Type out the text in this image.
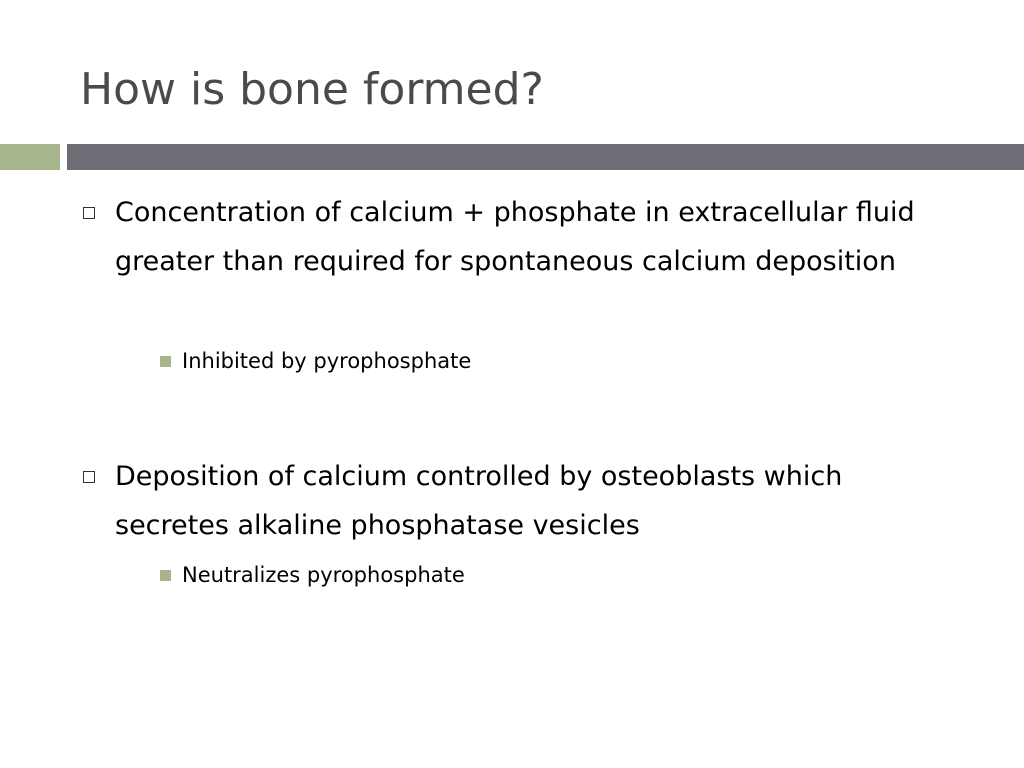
How is bone formed?

Concentration of calcium + phosphate in extracellular fluid greater than required for spontaneous calcium deposition

Inhibited by pyrophosphate

Deposition of calcium controlled by osteoblasts which secretes alkaline phosphatase vesicles

Neutralizes pyrophosphate
